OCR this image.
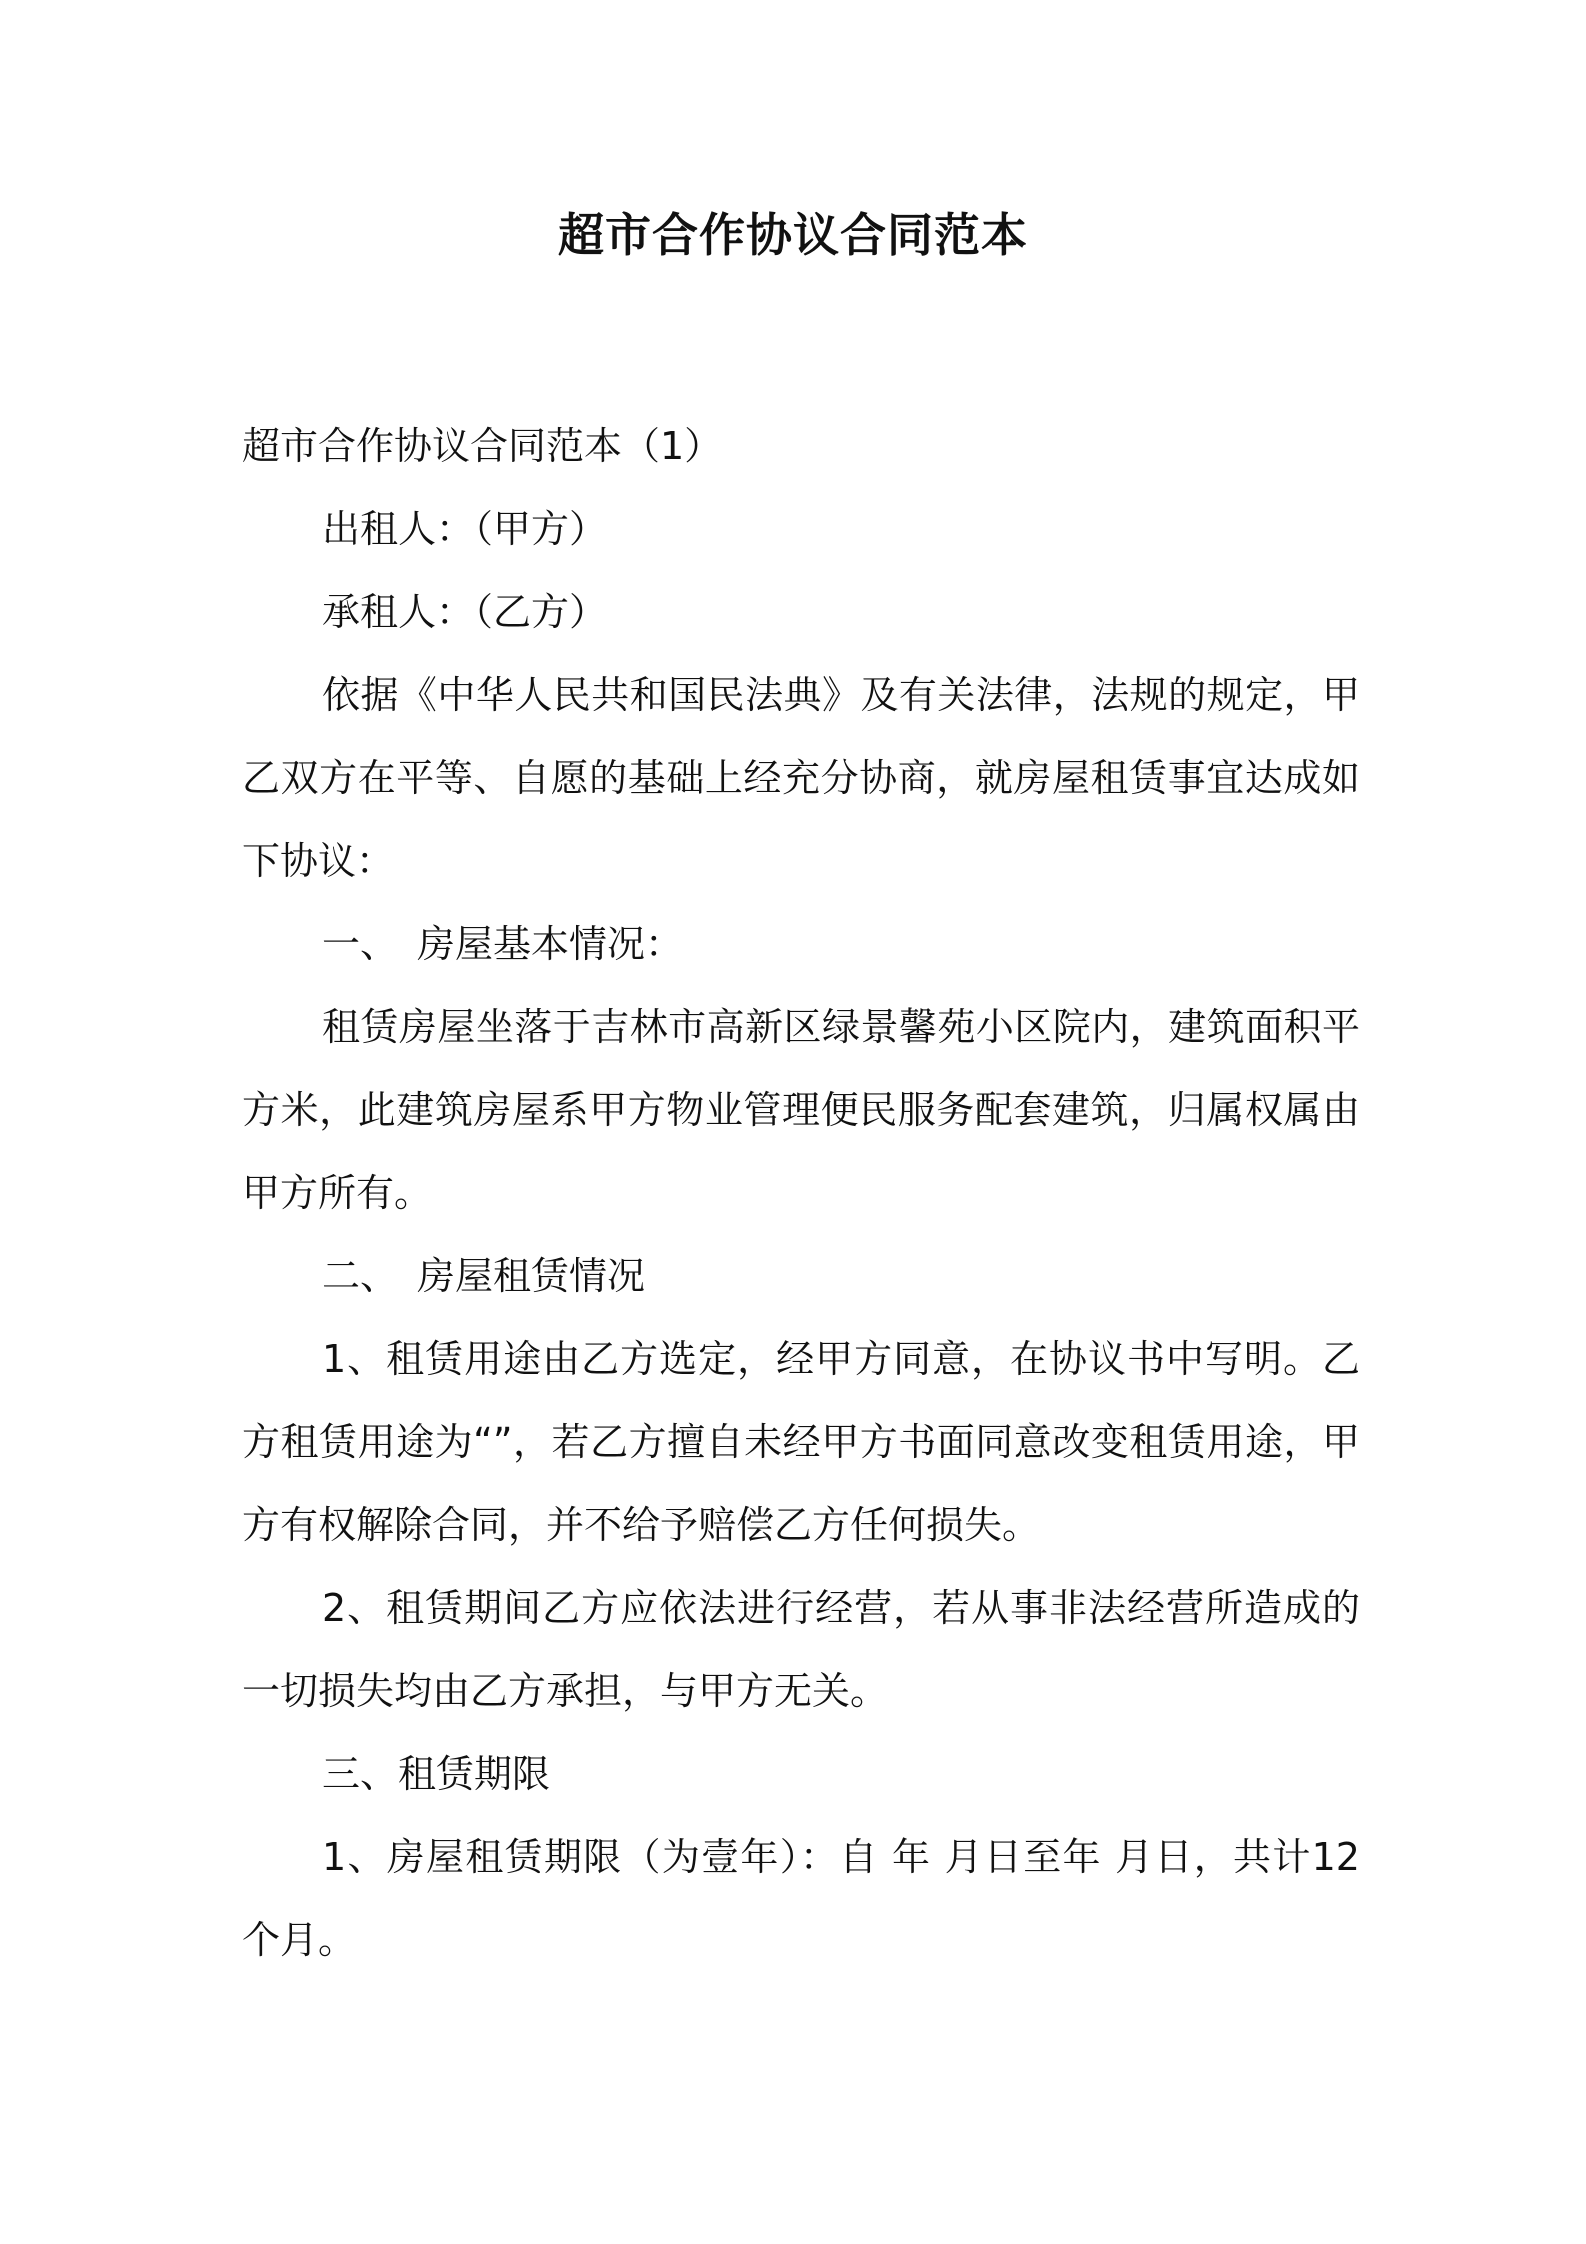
超市合作协议合同范本

超市合作协议合同范本（1）

出租人：（甲方）

承租人：（乙方）

依据《中华人民共和国民法典》及有关法律，法规的规定，甲乙双方在平等、自愿的基础上经充分协商，就房屋租赁事宜达成如下协议：

一、　房屋基本情况：

租赁房屋坐落于吉林市高新区绿景馨苑小区院内，建筑面积平方米，此建筑房屋系甲方物业管理便民服务配套建筑，归属权属由甲方所有。

二、　房屋租赁情况

1、租赁用途由乙方选定，经甲方同意，在协议书中写明。乙方租赁用途为“”，若乙方擅自未经甲方书面同意改变租赁用途，甲方有权解除合同，并不给予赔偿乙方任何损失。

2、租赁期间乙方应依法进行经营，若从事非法经营所造成的一切损失均由乙方承担，与甲方无关。

三、租赁期限

1、房屋租赁期限（为壹年）：自 年 月日至年 月日，共计12 个月。
